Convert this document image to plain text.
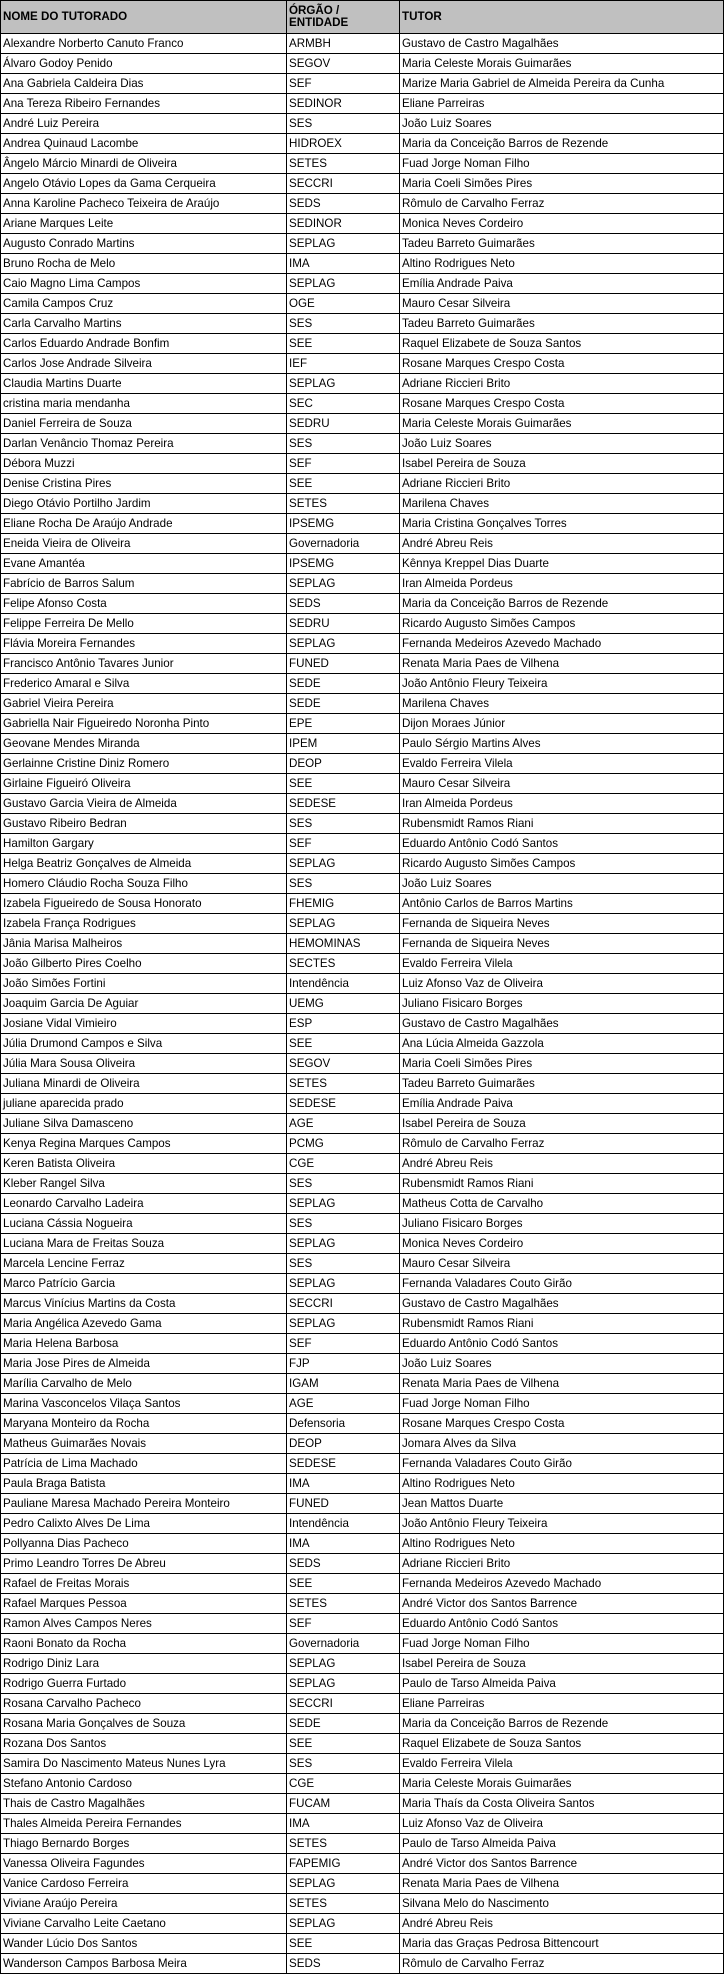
NOME DO TUTORADO	ÓRGÃO / ENTIDADE	TUTOR
Alexandre Norberto Canuto Franco	ARMBH	Gustavo de Castro Magalhães
Álvaro Godoy Penido	SEGOV	Maria Celeste Morais Guimarães
Ana Gabriela Caldeira Dias	SEF	Marize Maria Gabriel de Almeida Pereira da Cunha
Ana Tereza Ribeiro Fernandes	SEDINOR	Eliane Parreiras
André Luiz Pereira	SES	João Luiz Soares
Andrea Quinaud Lacombe	HIDROEX	Maria da Conceição Barros de Rezende
Ângelo Márcio Minardi de Oliveira	SETES	Fuad Jorge Noman Filho
Angelo Otávio Lopes da Gama Cerqueira	SECCRI	Maria Coeli Simões Pires
Anna Karoline Pacheco Teixeira de Araújo	SEDS	Rômulo de Carvalho Ferraz
Ariane Marques Leite	SEDINOR	Monica Neves Cordeiro
Augusto Conrado Martins	SEPLAG	Tadeu Barreto Guimarães
Bruno Rocha de Melo	IMA	Altino Rodrigues Neto
Caio Magno Lima Campos	SEPLAG	Emília Andrade Paiva
Camila Campos Cruz	OGE	Mauro Cesar Silveira
Carla Carvalho Martins	SES	Tadeu Barreto Guimarães
Carlos Eduardo Andrade Bonfim	SEE	Raquel Elizabete de Souza Santos
Carlos Jose Andrade Silveira	IEF	Rosane Marques Crespo Costa
Claudia Martins Duarte	SEPLAG	Adriane Riccieri Brito
cristina maria mendanha	SEC	Rosane Marques Crespo Costa
Daniel Ferreira de Souza	SEDRU	Maria Celeste Morais Guimarães
Darlan Venâncio Thomaz Pereira	SES	João Luiz Soares
Débora Muzzi	SEF	Isabel Pereira de Souza
Denise Cristina Pires	SEE	Adriane Riccieri Brito
Diego Otávio Portilho Jardim	SETES	Marilena Chaves
Eliane Rocha De Araújo Andrade	IPSEMG	Maria Cristina Gonçalves Torres
Eneida Vieira de Oliveira	Governadoria	André Abreu Reis
Evane Amantéa	IPSEMG	Kênnya Kreppel Dias Duarte
Fabrício de Barros Salum	SEPLAG	Iran Almeida Pordeus
Felipe Afonso Costa	SEDS	Maria da Conceição Barros de Rezende
Felippe Ferreira De Mello	SEDRU	Ricardo Augusto Simões Campos
Flávia Moreira Fernandes	SEPLAG	Fernanda Medeiros Azevedo Machado
Francisco Antônio Tavares Junior	FUNED	Renata Maria Paes de Vilhena
Frederico Amaral e Silva	SEDE	João Antônio Fleury Teixeira
Gabriel Vieira Pereira	SEDE	Marilena Chaves
Gabriella Nair Figueiredo Noronha Pinto	EPE	Dijon Moraes Júnior
Geovane Mendes Miranda	IPEM	Paulo Sérgio Martins Alves
Gerlainne Cristine Diniz Romero	DEOP	Evaldo Ferreira Vilela
Girlaine Figueiró Oliveira	SEE	Mauro Cesar Silveira
Gustavo Garcia Vieira de Almeida	SEDESE	Iran Almeida Pordeus
Gustavo Ribeiro Bedran	SES	Rubensmidt Ramos Riani
Hamilton Gargary	SEF	Eduardo Antônio Codó Santos
Helga Beatriz Gonçalves de Almeida	SEPLAG	Ricardo Augusto Simões Campos
Homero Cláudio Rocha Souza Filho	SES	João Luiz Soares
Izabela Figueiredo de Sousa Honorato	FHEMIG	Antônio Carlos de Barros Martins
Izabela França Rodrigues	SEPLAG	Fernanda de Siqueira Neves
Jânia Marisa Malheiros	HEMOMINAS	Fernanda de Siqueira Neves
João Gilberto Pires Coelho	SECTES	Evaldo Ferreira Vilela
João Simões Fortini	Intendência	Luiz Afonso Vaz de Oliveira
Joaquim Garcia De Aguiar	UEMG	Juliano Fisicaro Borges
Josiane Vidal Vimieiro	ESP	Gustavo de Castro Magalhães
Júlia Drumond Campos e Silva	SEE	Ana Lúcia Almeida Gazzola
Júlia Mara Sousa Oliveira	SEGOV	Maria Coeli Simões Pires
Juliana Minardi de Oliveira	SETES	Tadeu Barreto Guimarães
juliane aparecida prado	SEDESE	Emília Andrade Paiva
Juliane Silva Damasceno	AGE	Isabel Pereira de Souza
Kenya Regina Marques Campos	PCMG	Rômulo de Carvalho Ferraz
Keren Batista Oliveira	CGE	André Abreu Reis
Kleber Rangel Silva	SES	Rubensmidt Ramos Riani
Leonardo Carvalho Ladeira	SEPLAG	Matheus Cotta de Carvalho
Luciana Cássia Nogueira	SES	Juliano Fisicaro Borges
Luciana Mara de Freitas Souza	SEPLAG	Monica Neves Cordeiro
Marcela Lencine Ferraz	SES	Mauro Cesar Silveira
Marco Patrício Garcia	SEPLAG	Fernanda Valadares Couto Girão
Marcus Vinícius Martins da Costa	SECCRI	Gustavo de Castro Magalhães
Maria Angélica Azevedo Gama	SEPLAG	Rubensmidt Ramos Riani
Maria Helena Barbosa	SEF	Eduardo Antônio Codó Santos
Maria Jose Pires de Almeida	FJP	João Luiz Soares
Marília Carvalho de Melo	IGAM	Renata Maria Paes de Vilhena
Marina Vasconcelos Vilaça Santos	AGE	Fuad Jorge Noman Filho
Maryana Monteiro da Rocha	Defensoria	Rosane Marques Crespo Costa
Matheus Guimarães Novais	DEOP	Jomara Alves da Silva
Patrícia de Lima Machado	SEDESE	Fernanda Valadares Couto Girão
Paula Braga Batista	IMA	Altino Rodrigues Neto
Pauliane Maresa Machado Pereira Monteiro	FUNED	Jean Mattos Duarte
Pedro Calixto Alves De Lima	Intendência	João Antônio Fleury Teixeira
Pollyanna Dias Pacheco	IMA	Altino Rodrigues Neto
Primo Leandro Torres De Abreu	SEDS	Adriane Riccieri Brito
Rafael de Freitas Morais	SEE	Fernanda Medeiros Azevedo Machado
Rafael Marques Pessoa	SETES	André Victor dos Santos Barrence
Ramon Alves Campos Neres	SEF	Eduardo Antônio Codó Santos
Raoni Bonato da Rocha	Governadoria	Fuad Jorge Noman Filho
Rodrigo Diniz Lara	SEPLAG	Isabel Pereira de Souza
Rodrigo Guerra Furtado	SEPLAG	Paulo de Tarso Almeida Paiva
Rosana Carvalho Pacheco	SECCRI	Eliane Parreiras
Rosana Maria Gonçalves de Souza	SEDE	Maria da Conceição Barros de Rezende
Rozana Dos Santos	SEE	Raquel Elizabete de Souza Santos
Samira Do Nascimento Mateus Nunes Lyra	SES	Evaldo Ferreira Vilela
Stefano Antonio Cardoso	CGE	Maria Celeste Morais Guimarães
Thais de Castro Magalhães	FUCAM	Maria Thaís da Costa Oliveira Santos
Thales Almeida Pereira Fernandes	IMA	Luiz Afonso Vaz de Oliveira
Thiago Bernardo Borges	SETES	Paulo de Tarso Almeida Paiva
Vanessa Oliveira Fagundes	FAPEMIG	André Victor dos Santos Barrence
Vanice Cardoso Ferreira	SEPLAG	Renata Maria Paes de Vilhena
Viviane Araújo Pereira	SETES	Silvana Melo do Nascimento
Viviane Carvalho Leite Caetano	SEPLAG	André Abreu Reis
Wander Lúcio Dos Santos	SEE	Maria das Graças Pedrosa Bittencourt
Wanderson Campos Barbosa Meira	SEDS	Rômulo de Carvalho Ferraz
